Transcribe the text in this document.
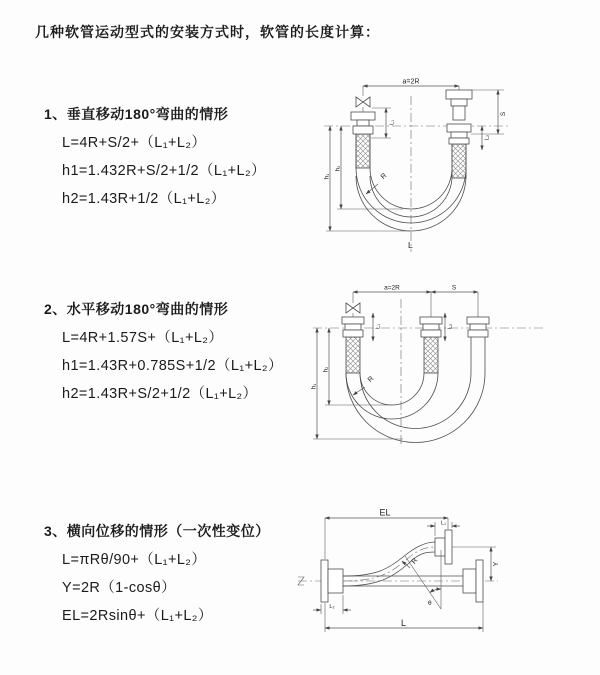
几种软管运动型式的安装方式时，软管的长度计算：
1、垂直移动180°弯曲的情形
L=4R+S/2+（L₁+L₂）
h1=1.432R+S/2+1/2（L₁+L₂）
h2=1.43R+1/2（L₁+L₂）
a=2R
S
L₂
L₁
h₁
h₂
R
L
2、水平移动180°弯曲的情形
L=4R+1.57S+（L₁+L₂）
h1=1.43R+0.785S+1/2（L₁+L₂）
h2=1.43R+S/2+1/2（L₁+L₂）
a=2R	S
L₁	L₂
h₁
h₂
R
3、横向位移的情形（一次性变位）
L=πRθ/90+（L₁+L₂）
Y=2R（1-cosθ）
EL=2Rsinθ+（L₁+L₂）
θ
EL
L₁
Y
L
L₂
R
